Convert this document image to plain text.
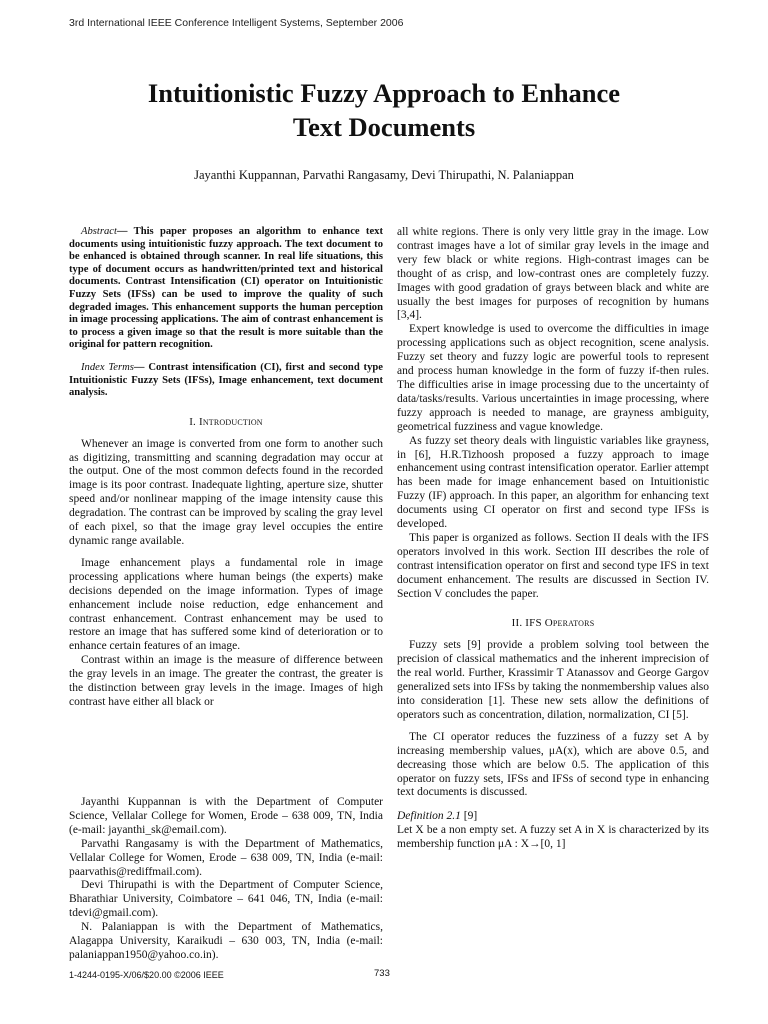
3rd International IEEE Conference Intelligent Systems, September 2006
Intuitionistic Fuzzy Approach to Enhance
Text Documents
Jayanthi Kuppannan, Parvathi Rangasamy, Devi Thirupathi, N. Palaniappan

Abstract— This paper proposes an algorithm to enhance text documents using intuitionistic fuzzy approach. The text document to be enhanced is obtained through scanner. In real life situations, this type of document occurs as handwritten/printed text and historical documents. Contrast Intensification (CI) operator on Intuitionistic Fuzzy Sets (IFSs) can be used to improve the quality of such degraded images. This enhancement supports the human perception in image processing applications. The aim of contrast enhancement is to process a given image so that the result is more suitable than the original for pattern recognition.

Index Terms— Contrast intensification (CI), first and second type Intuitionistic Fuzzy Sets (IFSs), Image enhancement, text document analysis.

I. Introduction

Whenever an image is converted from one form to another such as digitizing, transmitting and scanning degradation may occur at the output. One of the most common defects found in the recorded image is its poor contrast. Inadequate lighting, aperture size, shutter speed and/or nonlinear mapping of the image intensity cause this degradation. The contrast can be improved by scaling the gray level of each pixel, so that the image gray level occupies the entire dynamic range available.

Image enhancement plays a fundamental role in image processing applications where human beings (the experts) make decisions depended on the image information. Types of image enhancement include noise reduction, edge enhancement and contrast enhancement. Contrast enhancement may be used to restore an image that has suffered some kind of deterioration or to enhance certain features of an image.

Contrast within an image is the measure of difference between the gray levels in an image. The greater the contrast, the greater is the distinction between gray levels in the image. Images of high contrast have either all black or

Jayanthi Kuppannan is with the Department of Computer Science, Vellalar College for Women, Erode – 638 009, TN, India (e-mail: jayanthi_sk@email.com).

Parvathi Rangasamy is with the Department of Mathematics, Vellalar College for Women, Erode – 638 009, TN, India (e-mail: paarvathis@rediffmail.com).

Devi Thirupathi is with the Department of Computer Science, Bharathiar University, Coimbatore – 641 046, TN, India (e-mail: tdevi@gmail.com).

N. Palaniappan is with the Department of Mathematics, Alagappa University, Karaikudi – 630 003, TN, India (e-mail: palaniappan1950@yahoo.co.in).

all white regions. There is only very little gray in the image. Low contrast images have a lot of similar gray levels in the image and very few black or white regions. High-contrast images can be thought of as crisp, and low-contrast ones are completely fuzzy. Images with good gradation of grays between black and white are usually the best images for purposes of recognition by humans [3,4].

Expert knowledge is used to overcome the difficulties in image processing applications such as object recognition, scene analysis. Fuzzy set theory and fuzzy logic are powerful tools to represent and process human knowledge in the form of fuzzy if-then rules. The difficulties arise in image processing due to the uncertainty of data/tasks/results. Various uncertainties in image processing, where fuzzy approach is needed to manage, are grayness ambiguity, geometrical fuzziness and vague knowledge.

As fuzzy set theory deals with linguistic variables like grayness, in [6], H.R.Tizhoosh proposed a fuzzy approach to image enhancement using contrast intensification operator. Earlier attempt has been made for image enhancement based on Intuitionistic Fuzzy (IF) approach. In this paper, an algorithm for enhancing text documents using CI operator on first and second type IFSs is developed.

This paper is organized as follows. Section II deals with the IFS operators involved in this work. Section III describes the role of contrast intensification operator on first and second type IFS in text document enhancement. The results are discussed in Section IV. Section V concludes the paper.

II. IFS Operators

Fuzzy sets [9] provide a problem solving tool between the precision of classical mathematics and the inherent imprecision of the real world. Further, Krassimir T Atanassov and George Gargov generalized sets into IFSs by taking the nonmembership values also into consideration [1]. These new sets allow the definitions of operators such as concentration, dilation, normalization, CI [5].

The CI operator reduces the fuzziness of a fuzzy set A by increasing membership values, μA(x), which are above 0.5, and decreasing those which are below 0.5. The application of this operator on fuzzy sets, IFSs and IFSs of second type in enhancing text documents is discussed.

Definition 2.1 [9]

Let X be a non empty set. A fuzzy set A in X is characterized by its membership function μA : X→[0, 1]

1-4244-0195-X/06/$20.00 ©2006 IEEE	733
